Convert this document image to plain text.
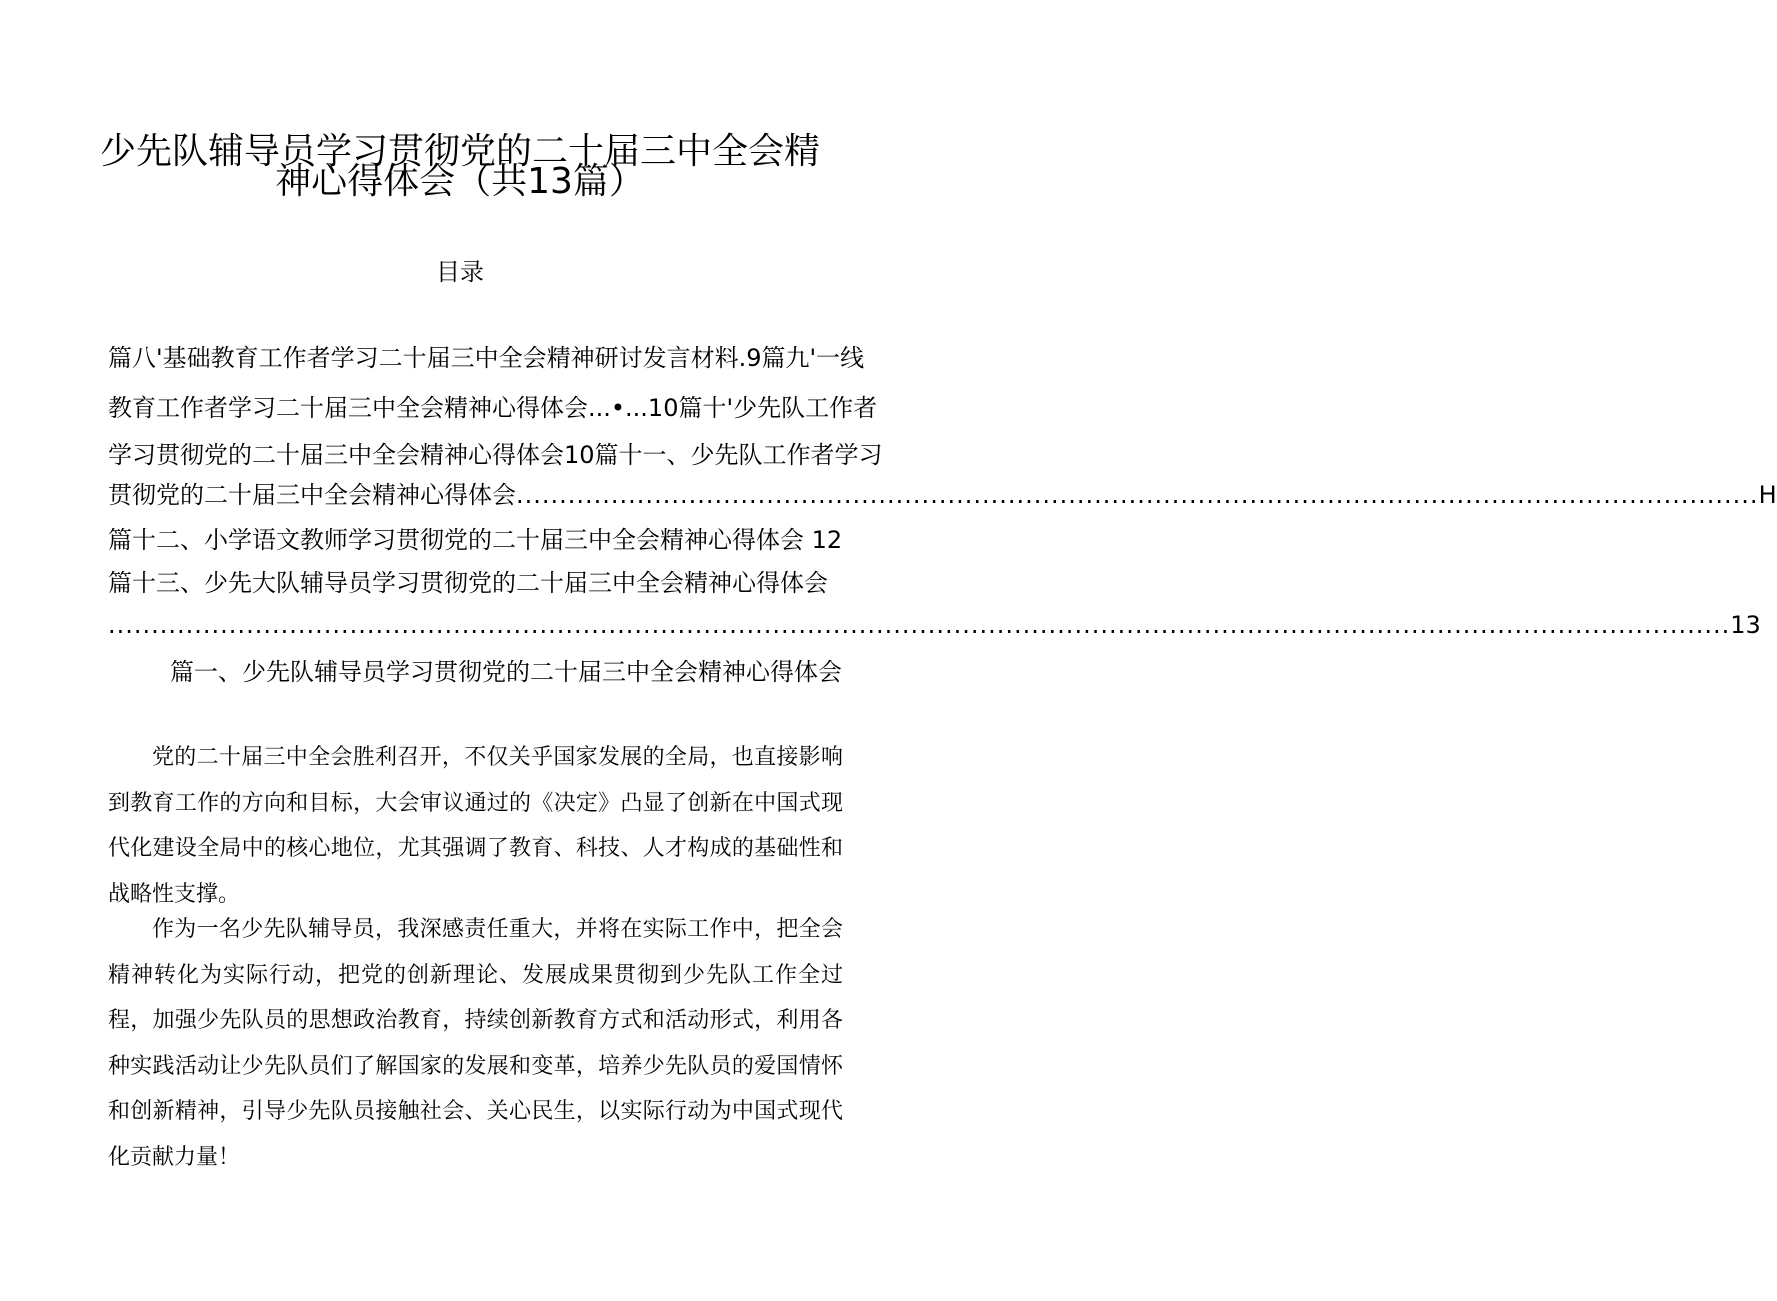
少先队辅导员学习贯彻党的二十届三中全会精
神心得体会（共13篇）
目录
篇八'基础教育工作者学习二十届三中全会精神研讨发言材料.9篇九'一线
教育工作者学习二十届三中全会精神心得体会...•...10篇十'少先队工作者
学习贯彻党的二十届三中全会精神心得体会10篇十一、少先队工作者学习
贯彻党的二十届三中全会精神心得体会 ................................................................................................................................................ H
篇十二、小学语文教师学习贯彻党的二十届三中全会精神心得体会 12
篇十三、少先大队辅导员学习贯彻党的二十届三中全会精神心得体会
............................................................................................................................................................................................ 13
篇一、少先队辅导员学习贯彻党的二十届三中全会精神心得体会

党的二十届三中全会胜利召开，不仅关乎国家发展的全局，也直接影响到教育工作的方向和目标，大会审议通过的《决定》凸显了创新在中国式现代化建设全局中的核心地位，尤其强调了教育、科技、人才构成的基础性和战略性支撑。

作为一名少先队辅导员，我深感责任重大，并将在实际工作中，把全会精神转化为实际行动，把党的创新理论、发展成果贯彻到少先队工作全过程，加强少先队员的思想政治教育，持续创新教育方式和活动形式，利用各种实践活动让少先队员们了解国家的发展和变革，培养少先队员的爱国情怀和创新精神，引导少先队员接触社会、关心民生，以实际行动为中国式现代化贡献力量！
